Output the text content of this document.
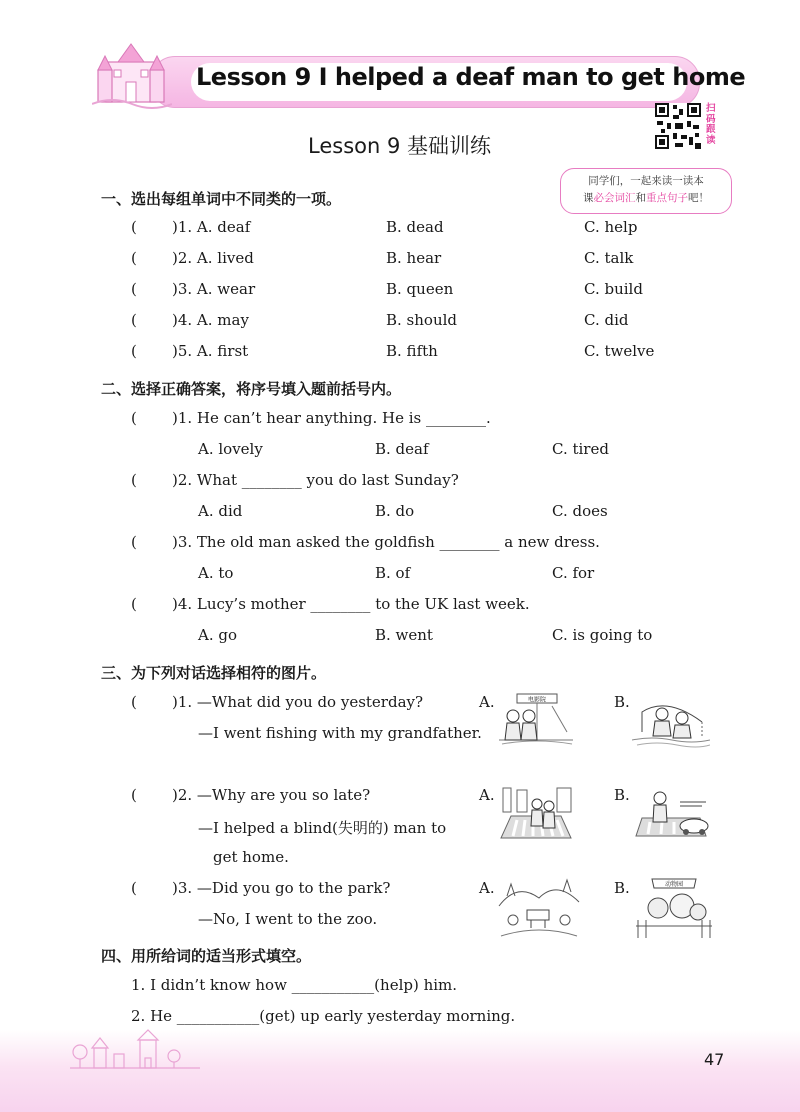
Lesson 9 I helped a deaf man to get home
Lesson 9 基础训练
扫
码
跟
读
同学们，一起来读一读本
课必会词汇和重点句子吧！
一、选出每组单词中不同类的一项。
( )1. A. deaf	B. dead	C. help
( )2. A. lived	B. hear	C. talk
( )3. A. wear	B. queen	C. build
( )4. A. may	B. should	C. did
( )5. A. first	B. fifth	C. twelve
二、选择正确答案，将序号填入题前括号内。
( )1. He can’t hear anything. He is ________.
A. lovely	B. deaf	C. tired
( )2. What ________ you do last Sunday?
A. did	B. do	C. does
( )3. The old man asked the goldfish ________ a new dress.
A. to	B. of	C. for
( )4. Lucy’s mother ________ to the UK last week.
A. go	B. went	C. is going to
三、为下列对话选择相符的图片。
( )1. —What did you do yesterday?
—I went fishing with my grandfather.
A.	B.
电影院
( )2. —Why are you so late?
—I helped a blind(失明的) man to
get home.
A.	B.
( )3. —Did you go to the park?
—No, I went to the zoo.
A.	B.	动物园
四、用所给词的适当形式填空。
1. I didn’t know how ___________(help) him.
2. He ___________(get) up early yesterday morning.
47
